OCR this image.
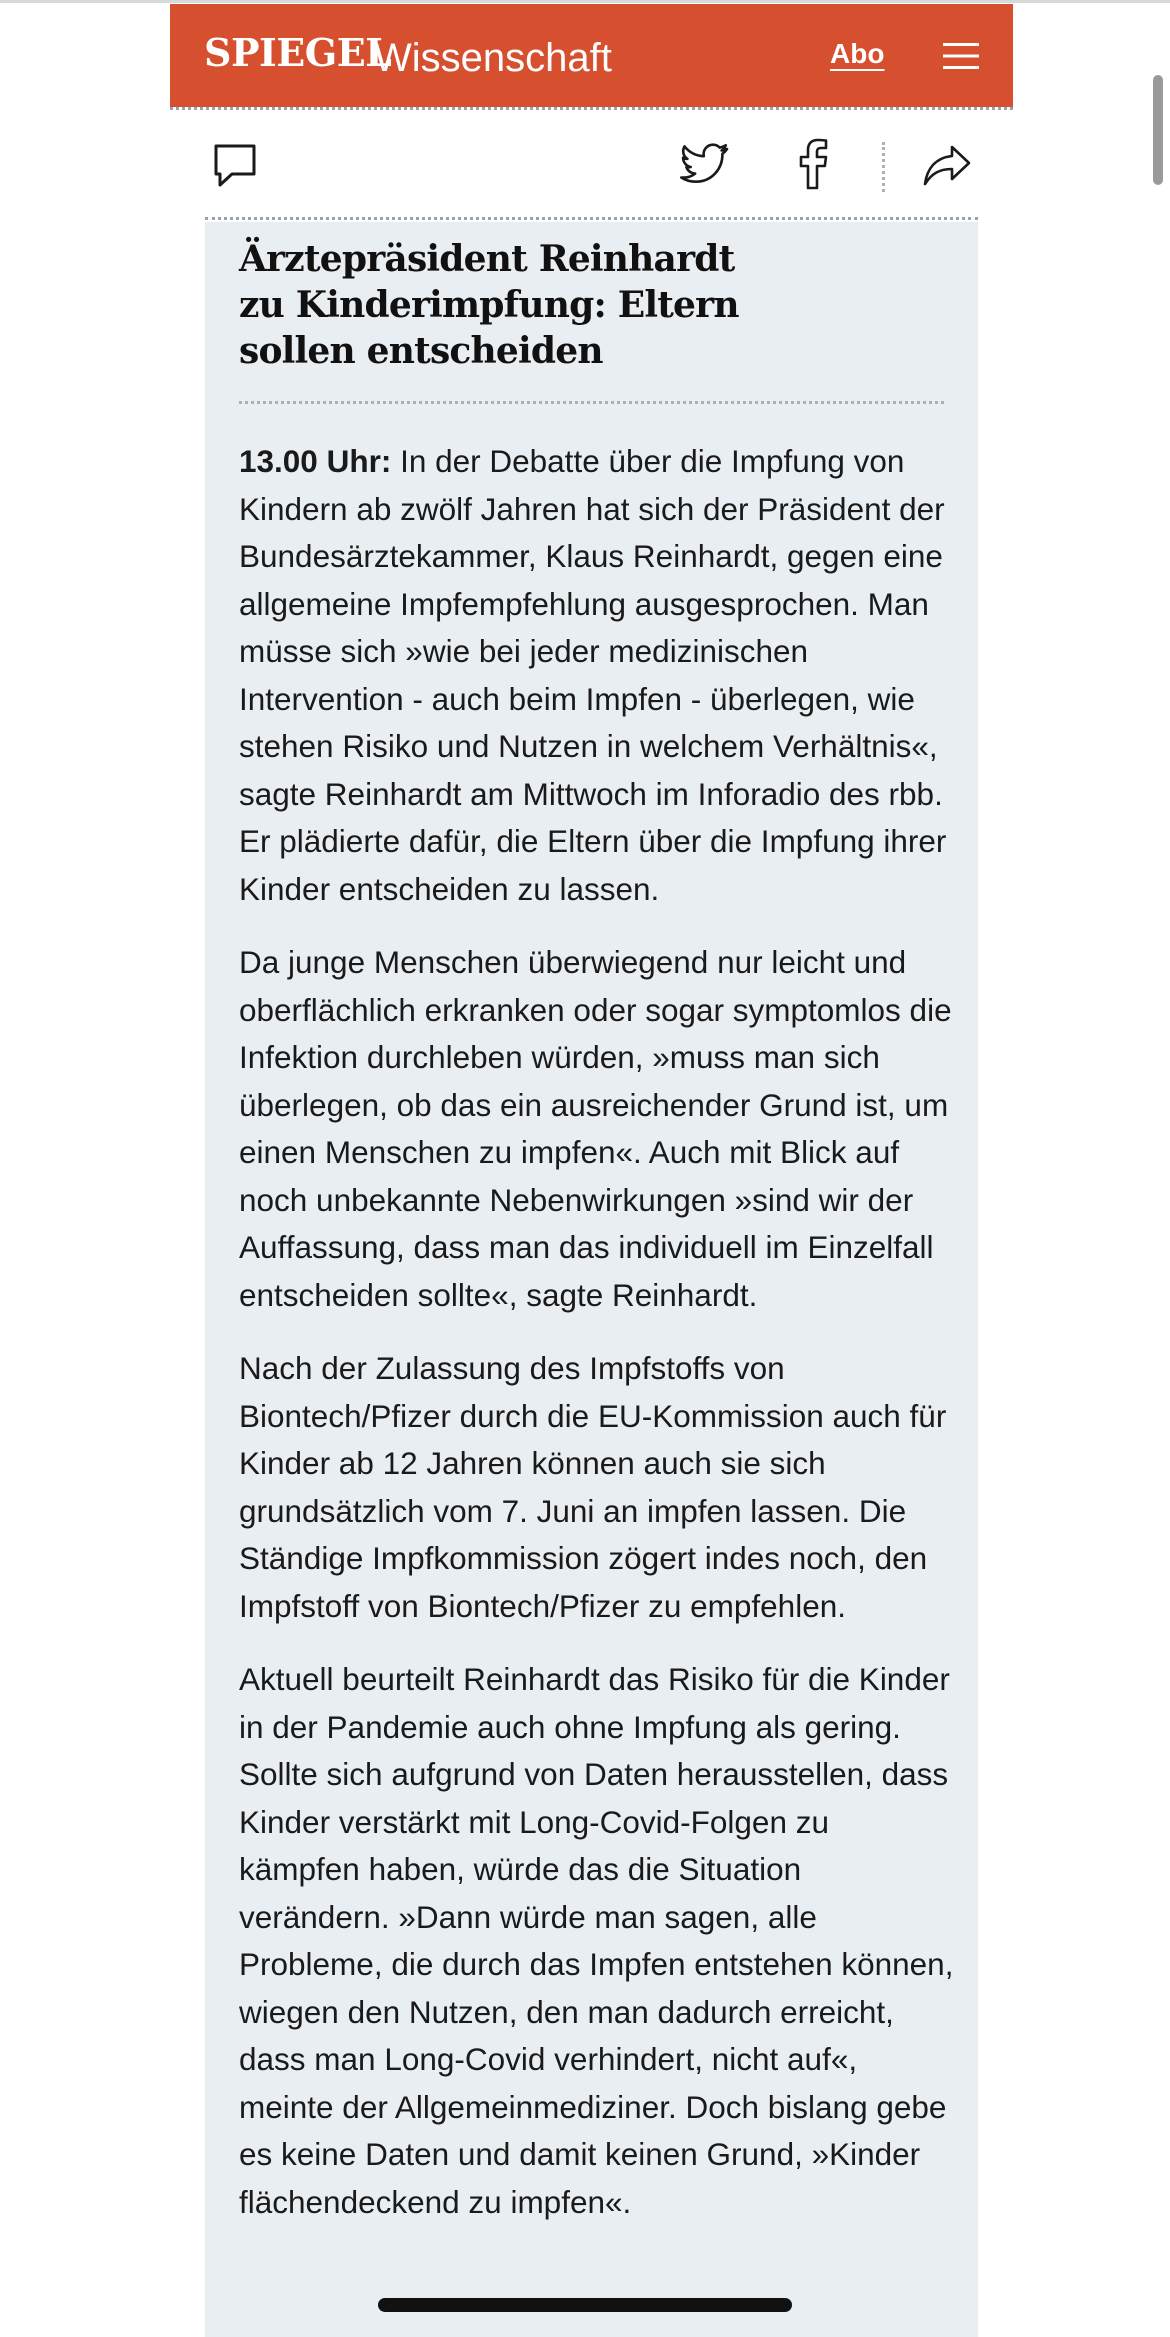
SPIEGEL
Wissenschaft	Abo
Ärztepräsident Reinhardt zu Kinderimpfung: Eltern sollen entscheiden

13.00 Uhr: In der Debatte über die Impfung von Kindern ab zwölf Jahren hat sich der Präsident der Bundesärztekammer, Klaus Reinhardt, gegen eine allgemeine Impfempfehlung ausgesprochen. Man müsse sich »wie bei jeder medizinischen Intervention - auch beim Impfen - überlegen, wie stehen Risiko und Nutzen in welchem Verhältnis«, sagte Reinhardt am Mittwoch im Inforadio des rbb. Er plädierte dafür, die Eltern über die Impfung ihrer Kinder entscheiden zu lassen.

Da junge Menschen überwiegend nur leicht und oberflächlich erkranken oder sogar symptomlos die Infektion durchleben würden, »muss man sich überlegen, ob das ein ausreichender Grund ist, um einen Menschen zu impfen«. Auch mit Blick auf noch unbekannte Nebenwirkungen »sind wir der Auffassung, dass man das individuell im Einzelfall entscheiden sollte«, sagte Reinhardt.

Nach der Zulassung des Impfstoffs von Biontech/Pfizer durch die EU-Kommission auch für Kinder ab 12 Jahren können auch sie sich grundsätzlich vom 7. Juni an impfen lassen. Die Ständige Impfkommission zögert indes noch, den Impfstoff von Biontech/Pfizer zu empfehlen.

Aktuell beurteilt Reinhardt das Risiko für die Kinder in der Pandemie auch ohne Impfung als gering. Sollte sich aufgrund von Daten herausstellen, dass Kinder verstärkt mit Long-Covid-Folgen zu kämpfen haben, würde das die Situation verändern. »Dann würde man sagen, alle Probleme, die durch das Impfen entstehen können, wiegen den Nutzen, den man dadurch erreicht, dass man Long-Covid verhindert, nicht auf«, meinte der Allgemeinmediziner. Doch bislang gebe es keine Daten und damit keinen Grund, »Kinder flächendeckend zu impfen«.
